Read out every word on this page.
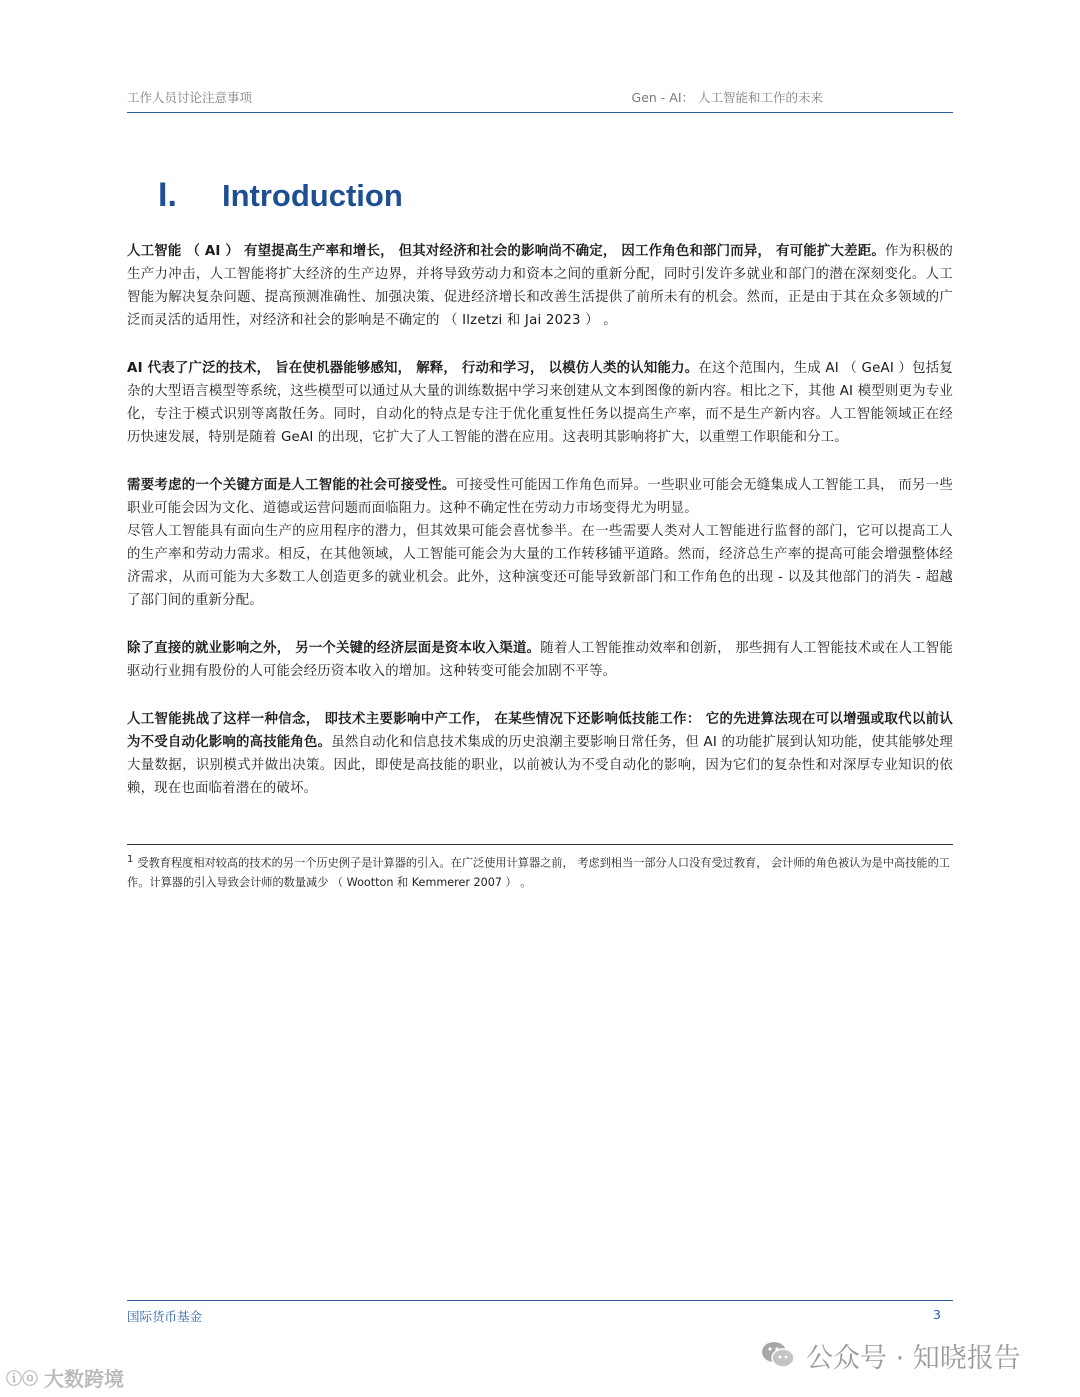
工作人员讨论注意事项	Gen - AI： 人工智能和工作的未来
I. Introduction

人工智能 （ AI ） 有望提高生产率和增长， 但其对经济和社会的影响尚不确定， 因工作角色和部门而异， 有可能扩大差距。作为积极的生产力冲击，人工智能将扩大经济的生产边界，并将导致劳动力和资本之间的重新分配，同时引发许多就业和部门的潜在深刻变化。人工智能为解决复杂问题、提高预测准确性、加强决策、促进经济增长和改善生活提供了前所未有的机会。然而，正是由于其在众多领域的广泛而灵活的适用性，对经济和社会的影响是不确定的 （ Ilzetzi 和 Jai 2023 ） 。

AI 代表了广泛的技术， 旨在使机器能够感知， 解释， 行动和学习， 以模仿人类的认知能力。在这个范围内，生成 AI （ GeAI ）包括复杂的大型语言模型等系统，这些模型可以通过从大量的训练数据中学习来创建从文本到图像的新内容。相比之下，其他 AI 模型则更为专业化，专注于模式识别等离散任务。同时，自动化的特点是专注于优化重复性任务以提高生产率，而不是生产新内容。人工智能领域正在经历快速发展，特别是随着 GeAI 的出现，它扩大了人工智能的潜在应用。这表明其影响将扩大，以重塑工作职能和分工。

需要考虑的一个关键方面是人工智能的社会可接受性。可接受性可能因工作角色而异。一些职业可能会无缝集成人工智能工具， 而另一些职业可能会因为文化、道德或运营问题而面临阻力。这种不确定性在劳动力市场变得尤为明显。

尽管人工智能具有面向生产的应用程序的潜力，但其效果可能会喜忧参半。在一些需要人类对人工智能进行监督的部门，它可以提高工人的生产率和劳动力需求。相反，在其他领域，人工智能可能会为大量的工作转移铺平道路。然而，经济总生产率的提高可能会增强整体经济需求，从而可能为大多数工人创造更多的就业机会。此外，这种演变还可能导致新部门和工作角色的出现 - 以及其他部门的消失 - 超越了部门间的重新分配。

除了直接的就业影响之外， 另一个关键的经济层面是资本收入渠道。随着人工智能推动效率和创新， 那些拥有人工智能技术或在人工智能驱动行业拥有股份的人可能会经历资本收入的增加。这种转变可能会加剧不平等。

人工智能挑战了这样一种信念， 即技术主要影响中产工作， 在某些情况下还影响低技能工作： 它的先进算法现在可以增强或取代以前认为不受自动化影响的高技能角色。虽然自动化和信息技术集成的历史浪潮主要影响日常任务，但 AI 的功能扩展到认知功能，使其能够处理大量数据，识别模式并做出决策。因此，即使是高技能的职业，以前被认为不受自动化的影响，因为它们的复杂性和对深厚专业知识的依赖，现在也面临着潜在的破坏。

$^1$ 受教育程度相对较高的技术的另一个历史例子是计算器的引入。在广泛使用计算器之前， 考虑到相当一部分人口没有受过教育， 会计师的角色被认为是中高技能的工作。计算器的引入导致会计师的数量减少 （ Wootton 和 Kemmerer 2007 ） 。
国际货币基金	3
公众号 · 知晓报告
ⓘⓞ 大数跨境
